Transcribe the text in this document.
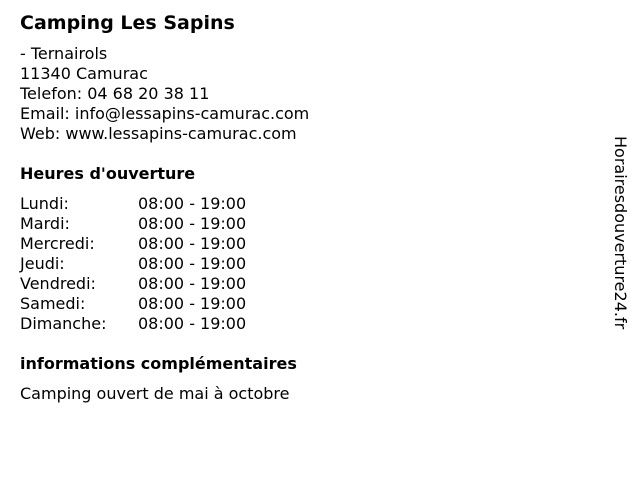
Camping Les Sapins
- Ternairols
11340 Camurac
Telefon: 04 68 20 38 11
Email: info@lessapins-camurac.com
Web: www.lessapins-camurac.com
Heures d'ouverture
Lundi:	08:00 - 19:00
Mardi:	08:00 - 19:00
Mercredi:	08:00 - 19:00
Jeudi:	08:00 - 19:00
Vendredi:	08:00 - 19:00
Samedi:	08:00 - 19:00
Dimanche: 08:00 - 19:00
informations complémentaires
Camping ouvert de mai à octobre
Horairesdouverture24.fr
